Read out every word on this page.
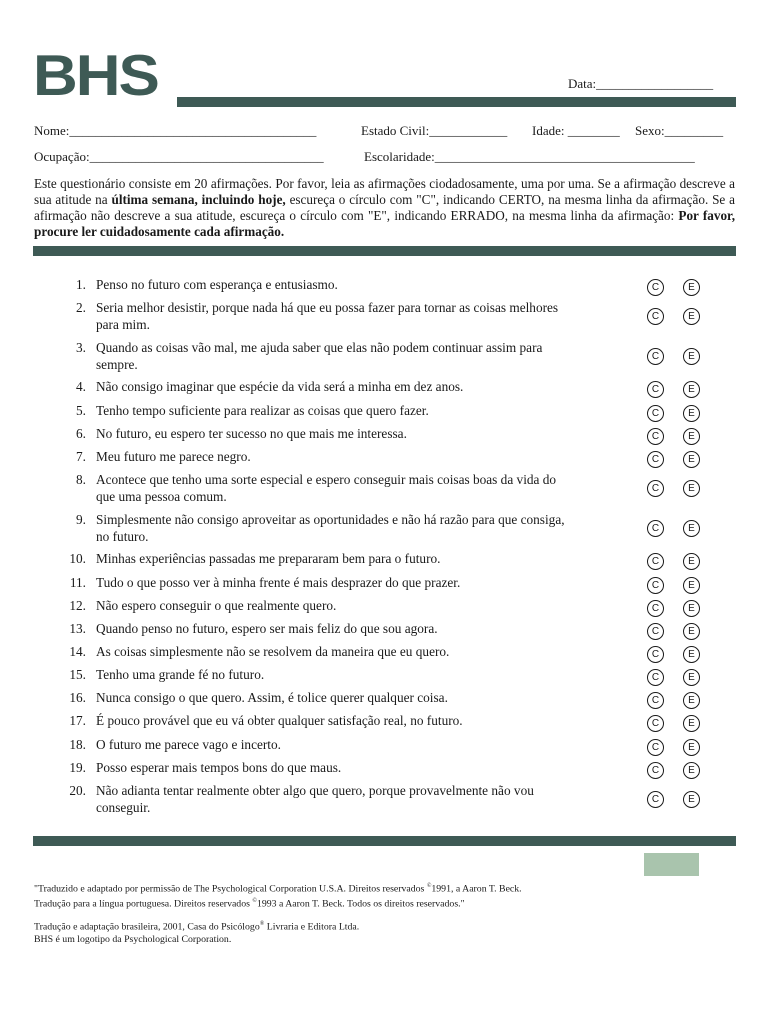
BHS	Data:__________________
Nome:______________________________________	Estado Civil:____________ Idade: ________ Sexo:_________
Ocupação:____________________________________	Escolaridade:________________________________________
Este questionário consiste em 20 afirmações. Por favor, leia as afirmações ciodadosamente, uma por uma. Se a afirmação descreve a sua atitude na última semana, incluindo hoje, escureça o círculo com "C", indicando CERTO, na mesma linha da afirmação. Se a afirmação não descreve a sua atitude, escureça o círculo com "E", indicando ERRADO, na mesma linha da afirmação: Por favor, procure ler cuidadosamente cada afirmação.
1. Penso no futuro com esperança e entusiasmo.	C	E
2. Seria melhor desistir, porque nada há que eu possa fazer para tornar as coisas melhores para mim.	C	E
3. Quando as coisas vão mal, me ajuda saber que elas não podem continuar assim para sempre.	C	E
4. Não consigo imaginar que espécie da vida será a minha em dez anos.	C	E
5. Tenho tempo suficiente para realizar as coisas que quero fazer.	C	E
6. No futuro, eu espero ter sucesso no que mais me interessa.	C	E
7. Meu futuro me parece negro.	C	E
8. Acontece que tenho uma sorte especial e espero conseguir mais coisas boas da vida do que uma pessoa comum.	C	E
9. Simplesmente não consigo aproveitar as oportunidades e não há razão para que consiga, no futuro.	C	E
10. Minhas experiências passadas me prepararam bem para o futuro.	C	E
11. Tudo o que posso ver à minha frente é mais desprazer do que prazer.	C	E
12. Não espero conseguir o que realmente quero.	C	E
13. Quando penso no futuro, espero ser mais feliz do que sou agora.	C	E
14. As coisas simplesmente não se resolvem da maneira que eu quero.	C	E
15. Tenho uma grande fé no futuro.	C	E
16. Nunca consigo o que quero. Assim, é tolice querer qualquer coisa.	C	E
17. É pouco provável que eu vá obter qualquer satisfação real, no futuro.	C	E
18. O futuro me parece vago e incerto.	C	E
19. Posso esperar mais tempos bons do que maus.	C	E
20. Não adianta tentar realmente obter algo que quero, porque provavelmente não vou conseguir.	C	E
"Traduzido e adaptado por permissão de The Psychological Corporation U.S.A. Direitos reservados ©1991, a Aaron T. Beck.
Tradução para a língua portuguesa. Direitos reservados ©1993 a Aaron T. Beck. Todos os direitos reservados."
Tradução e adaptação brasileira, 2001, Casa do Psicólogo® Livraria e Editora Ltda.
BHS é um logotipo da Psychological Corporation.
